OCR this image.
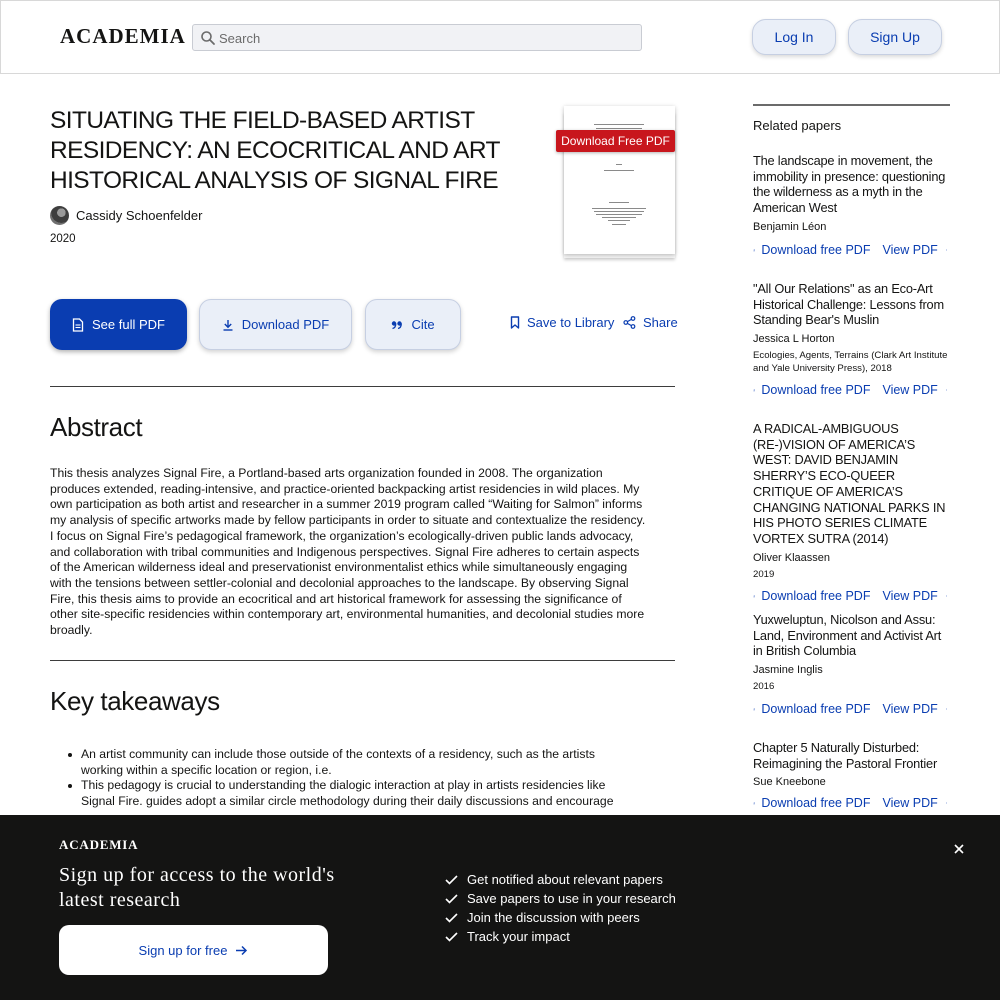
ACADEMIA
Search	Log In	Sign Up
SITUATING THE FIELD-BASED ARTIST RESIDENCY: AN ECOCRITICAL AND ART HISTORICAL ANALYSIS OF SIGNAL FIRE
Cassidy Schoenfelder
2020
Download Free PDF
See full PDF	Download PDF	Cite	Save to Library Share
Abstract

This thesis analyzes Signal Fire, a Portland-based arts organization founded in 2008. The organization produces extended, reading-intensive, and practice-oriented backpacking artist residencies in wild places. My own participation as both artist and researcher in a summer 2019 program called “Waiting for Salmon” informs my analysis of specific artworks made by fellow participants in order to situate and contextualize the residency. I focus on Signal Fire’s pedagogical framework, the organization’s ecologically-driven public lands advocacy, and collaboration with tribal communities and Indigenous perspectives. Signal Fire adheres to certain aspects of the American wilderness ideal and preservationist environmentalist ethics while simultaneously engaging with the tensions between settler-colonial and decolonial approaches to the landscape. By observing Signal Fire, this thesis aims to provide an ecocritical and art historical framework for assessing the significance of other site-specific residencies within contemporary art, environmental humanities, and decolonial studies more broadly.

Key takeaways
An artist community can include those outside of the contexts of a residency, such as the artists working within a specific location or region, i.e.
This pedagogy is crucial to understanding the dialogic interaction at play in artists residencies like Signal Fire. guides adopt a similar circle methodology during their daily discussions and encourage
Related papers
The landscape in movement, the immobility in presence: questioning the wilderness as a myth in the American West
Benjamin Léon
Download free PDF View PDF
"All Our Relations" as an Eco-Art Historical Challenge: Lessons from Standing Bear's Muslin
Jessica L Horton
Ecologies, Agents, Terrains (Clark Art Institute and Yale University Press), 2018
Download free PDF View PDF
A RADICAL-AMBIGUOUS (RE-)VISION OF AMERICA’S WEST: DAVID BENJAMIN SHERRY’S ECO-QUEER CRITIQUE OF AMERICA’S CHANGING NATIONAL PARKS IN HIS PHOTO SERIES CLIMATE VORTEX SUTRA (2014)
Oliver Klaassen
2019
Download free PDF View PDF
Yuxweluptun, Nicolson and Assu: Land, Environment and Activist Art in British Columbia
Jasmine Inglis
2016
Download free PDF View PDF
Chapter 5 Naturally Disturbed: Reimagining the Pastoral Frontier
Sue Kneebone
Download free PDF View PDF
ACADEMIA
Sign up for access to the world's latest research
Sign up for free
Get notified about relevant papers
Save papers to use in your research
Join the discussion with peers
Track your impact
